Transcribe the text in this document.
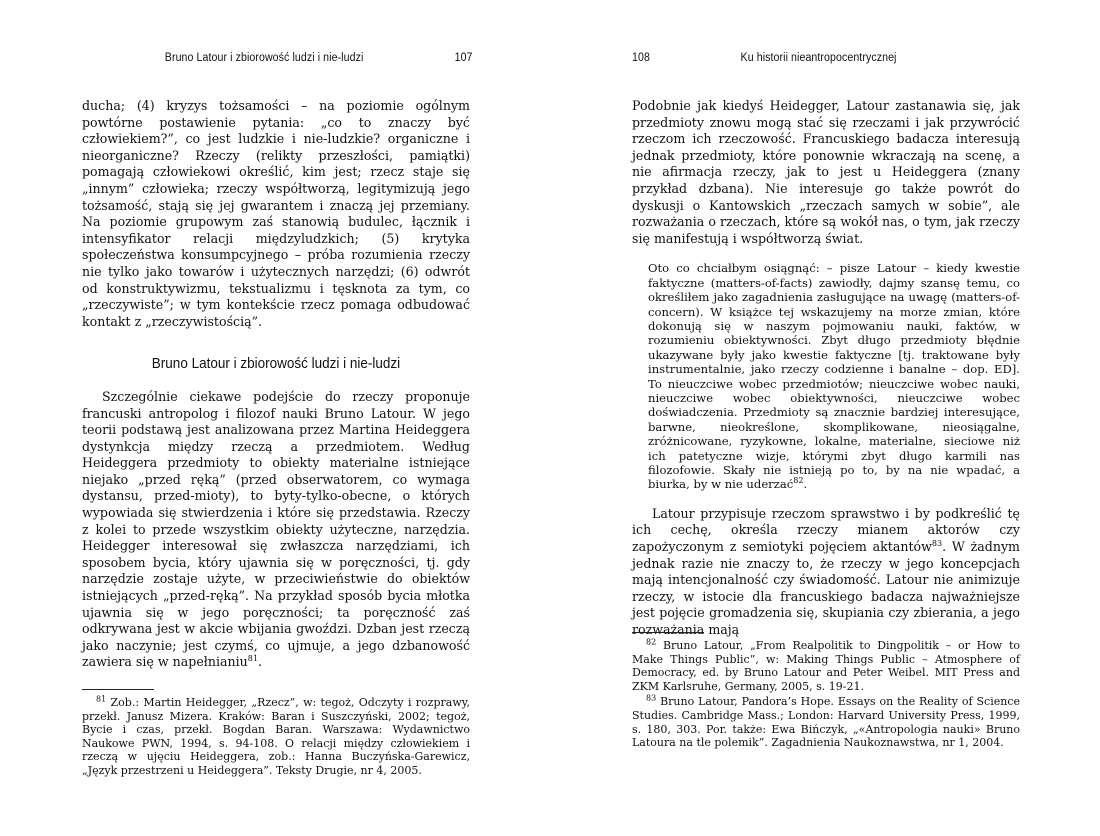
Bruno Latour i zbiorowość ludzi i nie-ludzi	107

ducha; (4) kryzys tożsamości – na poziomie ogólnym powtórne postawienie pytania: „co to znaczy być człowiekiem?”, co jest ludzkie i nie-ludzkie? organiczne i nieorganiczne? Rzeczy (relikty przeszłości, pamiątki) pomagają człowiekowi określić, kim jest; rzecz staje się „innym” człowieka; rzeczy współtworzą, legitymizują jego tożsamość, stają się jej gwarantem i znaczą jej przemiany. Na poziomie grupowym zaś stanowią budulec, łącznik i intensyfikator relacji międzyludzkich; (5) krytyka społeczeństwa konsumpcyjnego – próba rozumienia rzeczy nie tylko jako towarów i użytecznych narzędzi; (6) odwrót od konstruktywizmu, tekstualizmu i tęsknota za tym, co „rzeczywiste”; w tym kontekście rzecz pomaga odbudować kontakt z „rzeczywistością”.

Bruno Latour i zbiorowość ludzi i nie-ludzi

Szczególnie ciekawe podejście do rzeczy proponuje francuski antropolog i filozof nauki Bruno Latour. W jego teorii podstawą jest analizowana przez Martina Heideggera dystynkcja między rzeczą a przedmiotem. Według Heideggera przedmioty to obiekty materialne istniejące niejako „przed ręką” (przed obserwatorem, co wymaga dystansu, przed-mioty), to byty-tylko-obecne, o których wypowiada się stwierdzenia i które się przedstawia. Rzeczy z kolei to przede wszystkim obiekty użyteczne, narzędzia. Heidegger interesował się zwłaszcza narzędziami, ich sposobem bycia, który ujawnia się w poręczności, tj. gdy narzędzie zostaje użyte, w przeciwieństwie do obiektów istniejących „przed-ręką”. Na przykład sposób bycia młotka ujawnia się w jego poręczności; ta poręczność zaś odkrywana jest w akcie wbijania gwoździ. Dzban jest rzeczą jako naczynie; jest czymś, co ujmuje, a jego dzbanowość zawiera się w napełnianiu$^{81}$.

$^{81}$ Zob.: Martin Heidegger, „Rzecz”, w: tegoż, Odczyty i rozprawy, przekł. Janusz Mizera. Kraków: Baran i Suszczyński, 2002; tegoż, Bycie i czas, przekł. Bogdan Baran. Warszawa: Wydawnictwo Naukowe PWN, 1994, s. 94-108. O relacji między człowiekiem i rzeczą w ujęciu Heideggera, zob.: Hanna Buczyńska-Garewicz, „Język przestrzeni u Heideggera”. Teksty Drugie, nr 4, 2005.

108	Ku historii nieantropocentrycznej

Podobnie jak kiedyś Heidegger, Latour zastanawia się, jak przedmioty znowu mogą stać się rzeczami i jak przywrócić rzeczom ich rzeczowość. Francuskiego badacza interesują jednak przedmioty, które ponownie wkraczają na scenę, a nie afirmacja rzeczy, jak to jest u Heideggera (znany przykład dzbana). Nie interesuje go także powrót do dyskusji o Kantowskich „rzeczach samych w sobie”, ale rozważania o rzeczach, które są wokół nas, o tym, jak rzeczy się manifestują i współtworzą świat.

Oto co chciałbym osiągnąć: – pisze Latour – kiedy kwestie faktyczne (matters-of-facts) zawiodły, dajmy szansę temu, co określiłem jako zagadnienia zasługujące na uwagę (matters-of-concern). W książce tej wskazujemy na morze zmian, które dokonują się w naszym pojmowaniu nauki, faktów, w rozumieniu obiektywności. Zbyt długo przedmioty błędnie ukazywane były jako kwestie faktyczne [tj. traktowane były instrumentalnie, jako rzeczy codzienne i banalne – dop. ED]. To nieuczciwe wobec przedmiotów; nieuczciwe wobec nauki, nieuczciwe wobec obiektywności, nieuczciwe wobec doświadczenia. Przedmioty są znacznie bardziej interesujące, barwne, nieokreślone, skomplikowane, nieosiągalne, zróżnicowane, ryzykowne, lokalne, materialne, sieciowe niż ich patetyczne wizje, którymi zbyt długo karmili nas filozofowie. Skały nie istnieją po to, by na nie wpadać, a biurka, by w nie uderzać$^{82}$.

Latour przypisuje rzeczom sprawstwo i by podkreślić tę ich cechę, określa rzeczy mianem aktorów czy zapożyczonym z semiotyki pojęciem aktantów$^{83}$. W żadnym jednak razie nie znaczy to, że rzeczy w jego koncepcjach mają intencjonalność czy świadomość. Latour nie animizuje rzeczy, w istocie dla francuskiego badacza najważniejsze jest pojęcie gromadzenia się, skupiania czy zbierania, a jego rozważania mają

$^{82}$ Bruno Latour, „From Realpolitik to Dingpolitik – or How to Make Things Public”, w: Making Things Public – Atmosphere of Democracy, ed. by Bruno Latour and Peter Weibel. MIT Press and ZKM Karlsruhe, Germany, 2005, s. 19-21.

$^{83}$ Bruno Latour, Pandora’s Hope. Essays on the Reality of Science Studies. Cambridge Mass.; London: Harvard University Press, 1999, s. 180, 303. Por. także: Ewa Bińczyk, „«Antropologia nauki» Bruno Latoura na tle polemik”. Zagadnienia Naukoznawstwa, nr 1, 2004.
